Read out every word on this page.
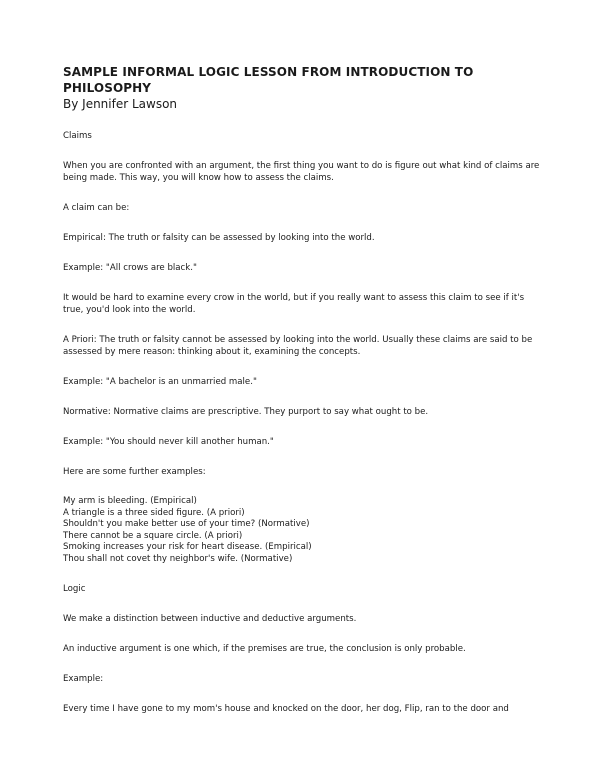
SAMPLE INFORMAL LOGIC LESSON FROM INTRODUCTION TO PHILOSOPHY
By Jennifer Lawson

Claims

When you are confronted with an argument, the first thing you want to do is figure out what kind of claims are being made. This way, you will know how to assess the claims.

A claim can be:

Empirical: The truth or falsity can be assessed by looking into the world.

Example: "All crows are black."

It would be hard to examine every crow in the world, but if you really want to assess this claim to see if it's true, you'd look into the world.

A Priori: The truth or falsity cannot be assessed by looking into the world. Usually these claims are said to be assessed by mere reason: thinking about it, examining the concepts.

Example: "A bachelor is an unmarried male."

Normative: Normative claims are prescriptive. They purport to say what ought to be.

Example: "You should never kill another human."

Here are some further examples:

My arm is bleeding. (Empirical)
A triangle is a three sided figure. (A priori)
Shouldn't you make better use of your time? (Normative)
There cannot be a square circle. (A priori)
Smoking increases your risk for heart disease. (Empirical)
Thou shall not covet thy neighbor's wife. (Normative)

Logic

We make a distinction between inductive and deductive arguments.

An inductive argument is one which, if the premises are true, the conclusion is only probable.

Example:

Every time I have gone to my mom's house and knocked on the door, her dog, Flip, ran to the door and
